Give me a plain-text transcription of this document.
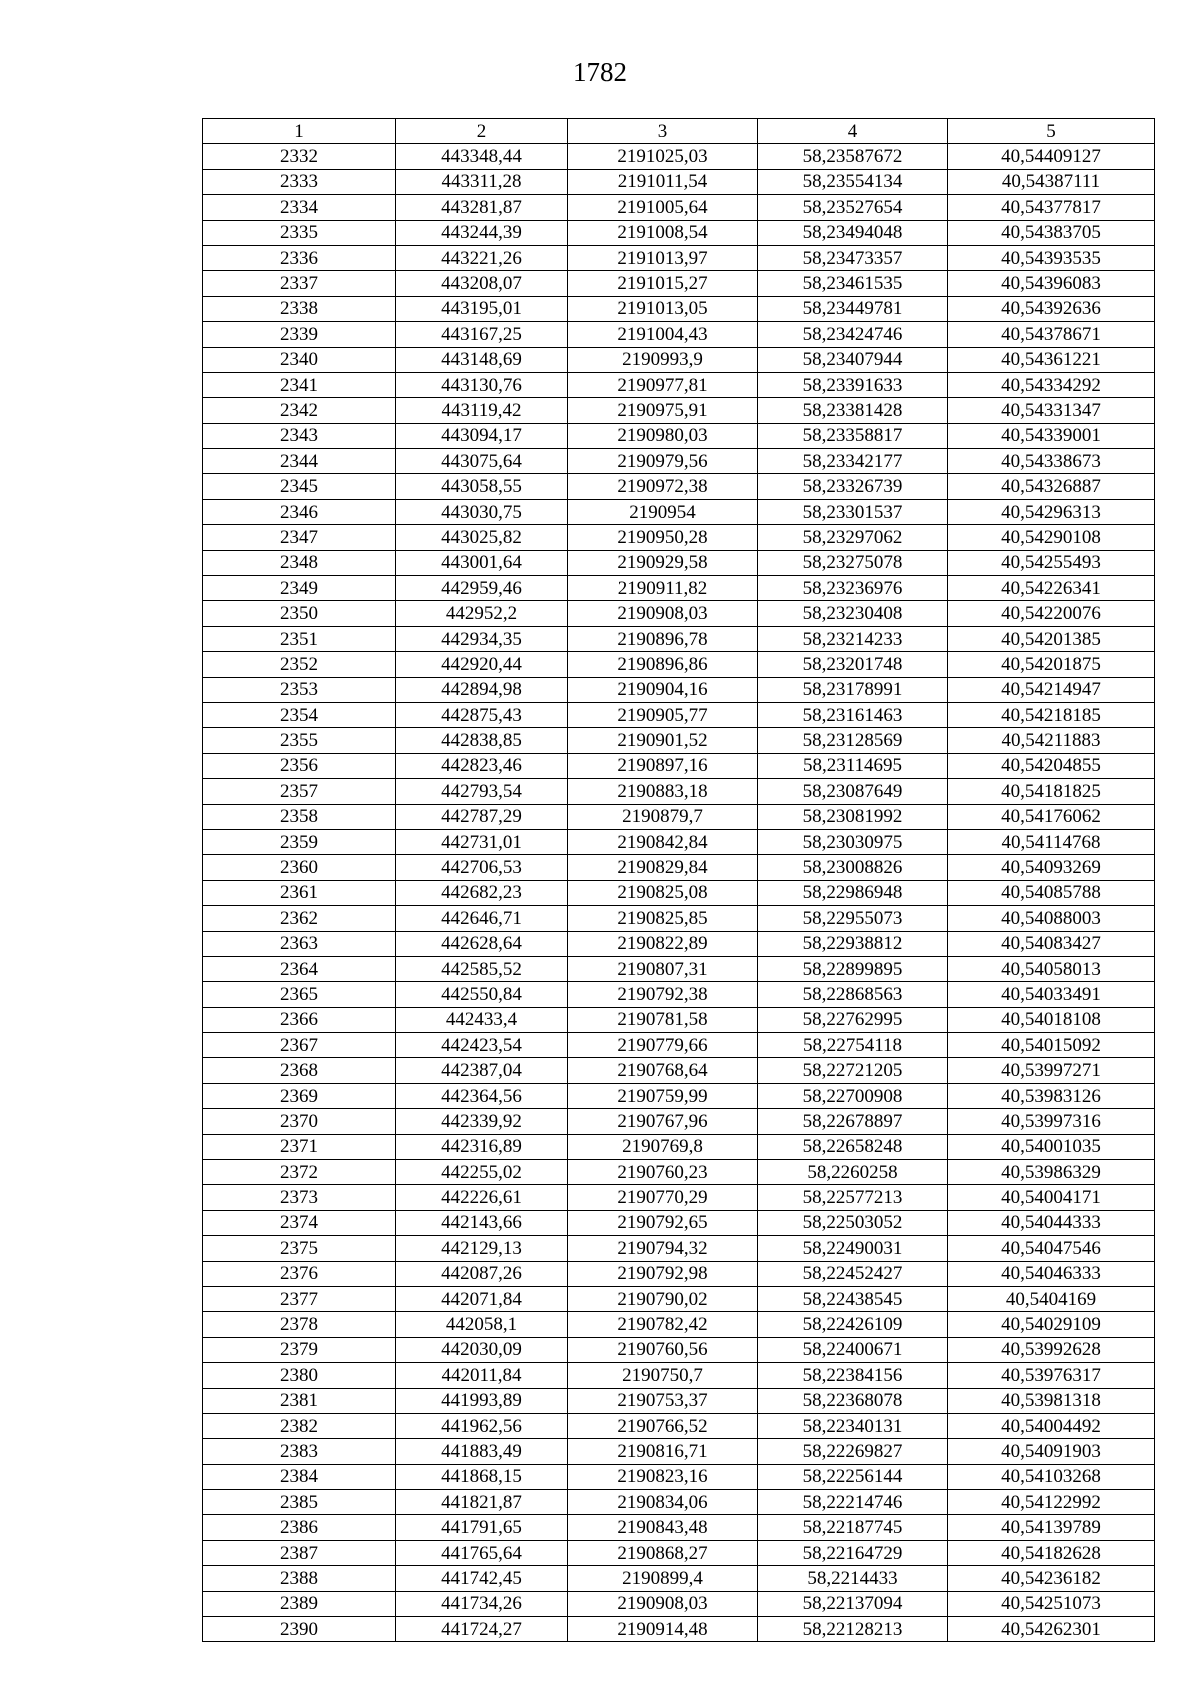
1782
1	2	3	4	5
2332	443348,44	2191025,03	58,23587672	40,54409127
2333	443311,28	2191011,54	58,23554134	40,54387111
2334	443281,87	2191005,64	58,23527654	40,54377817
2335	443244,39	2191008,54	58,23494048	40,54383705
2336	443221,26	2191013,97	58,23473357	40,54393535
2337	443208,07	2191015,27	58,23461535	40,54396083
2338	443195,01	2191013,05	58,23449781	40,54392636
2339	443167,25	2191004,43	58,23424746	40,54378671
2340	443148,69	2190993,9	58,23407944	40,54361221
2341	443130,76	2190977,81	58,23391633	40,54334292
2342	443119,42	2190975,91	58,23381428	40,54331347
2343	443094,17	2190980,03	58,23358817	40,54339001
2344	443075,64	2190979,56	58,23342177	40,54338673
2345	443058,55	2190972,38	58,23326739	40,54326887
2346	443030,75	2190954	58,23301537	40,54296313
2347	443025,82	2190950,28	58,23297062	40,54290108
2348	443001,64	2190929,58	58,23275078	40,54255493
2349	442959,46	2190911,82	58,23236976	40,54226341
2350	442952,2	2190908,03	58,23230408	40,54220076
2351	442934,35	2190896,78	58,23214233	40,54201385
2352	442920,44	2190896,86	58,23201748	40,54201875
2353	442894,98	2190904,16	58,23178991	40,54214947
2354	442875,43	2190905,77	58,23161463	40,54218185
2355	442838,85	2190901,52	58,23128569	40,54211883
2356	442823,46	2190897,16	58,23114695	40,54204855
2357	442793,54	2190883,18	58,23087649	40,54181825
2358	442787,29	2190879,7	58,23081992	40,54176062
2359	442731,01	2190842,84	58,23030975	40,54114768
2360	442706,53	2190829,84	58,23008826	40,54093269
2361	442682,23	2190825,08	58,22986948	40,54085788
2362	442646,71	2190825,85	58,22955073	40,54088003
2363	442628,64	2190822,89	58,22938812	40,54083427
2364	442585,52	2190807,31	58,22899895	40,54058013
2365	442550,84	2190792,38	58,22868563	40,54033491
2366	442433,4	2190781,58	58,22762995	40,54018108
2367	442423,54	2190779,66	58,22754118	40,54015092
2368	442387,04	2190768,64	58,22721205	40,53997271
2369	442364,56	2190759,99	58,22700908	40,53983126
2370	442339,92	2190767,96	58,22678897	40,53997316
2371	442316,89	2190769,8	58,22658248	40,54001035
2372	442255,02	2190760,23	58,2260258	40,53986329
2373	442226,61	2190770,29	58,22577213	40,54004171
2374	442143,66	2190792,65	58,22503052	40,54044333
2375	442129,13	2190794,32	58,22490031	40,54047546
2376	442087,26	2190792,98	58,22452427	40,54046333
2377	442071,84	2190790,02	58,22438545	40,5404169
2378	442058,1	2190782,42	58,22426109	40,54029109
2379	442030,09	2190760,56	58,22400671	40,53992628
2380	442011,84	2190750,7	58,22384156	40,53976317
2381	441993,89	2190753,37	58,22368078	40,53981318
2382	441962,56	2190766,52	58,22340131	40,54004492
2383	441883,49	2190816,71	58,22269827	40,54091903
2384	441868,15	2190823,16	58,22256144	40,54103268
2385	441821,87	2190834,06	58,22214746	40,54122992
2386	441791,65	2190843,48	58,22187745	40,54139789
2387	441765,64	2190868,27	58,22164729	40,54182628
2388	441742,45	2190899,4	58,2214433	40,54236182
2389	441734,26	2190908,03	58,22137094	40,54251073
2390	441724,27	2190914,48	58,22128213	40,54262301
